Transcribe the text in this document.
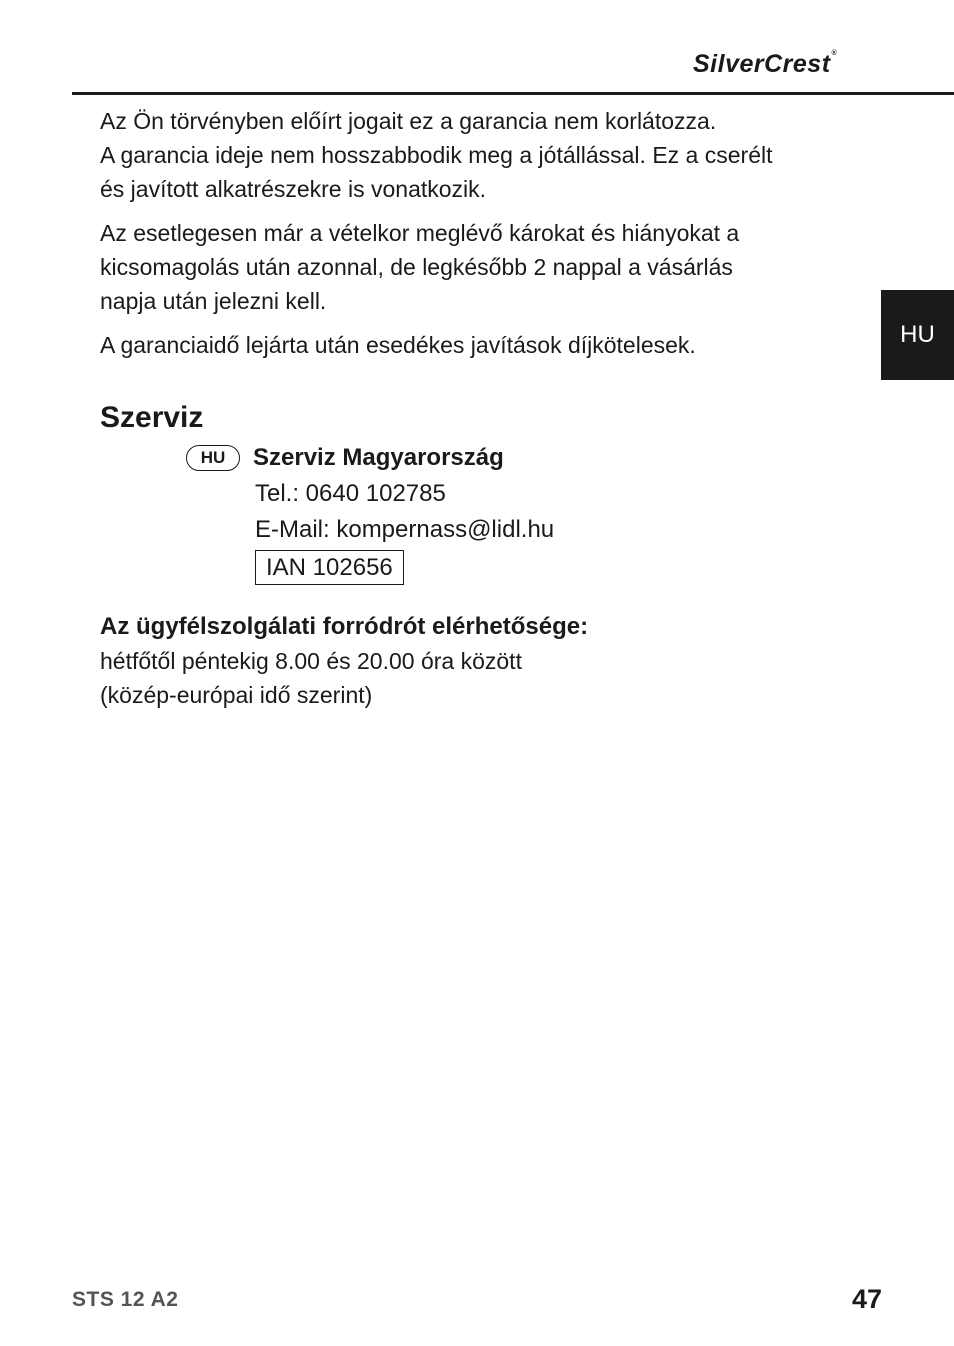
SilverCrest®
HU

Az Ön törvényben előírt jogait ez a garancia nem korlátozza.
A garancia ideje nem hosszabbodik meg a jótállással. Ez a cserélt
és javított alkatrészekre is vonatkozik.

Az esetlegesen már a vételkor meglévő károkat és hiányokat a
kicsomagolás után azonnal, de legkésőbb 2 nappal a vásárlás
napja után jelezni kell.

A garanciaidő lejárta után esedékes javítások díjkötelesek.

Szerviz
HU	Szerviz Magyarország
Tel.: 0640 102785
E-Mail: kompernass@lidl.hu
IAN 102656
Az ügyfélszolgálati forródrót elérhetősége:
hétfőtől péntekig 8.00 és 20.00 óra között
(közép-európai idő szerint)
STS 12 A2	47
